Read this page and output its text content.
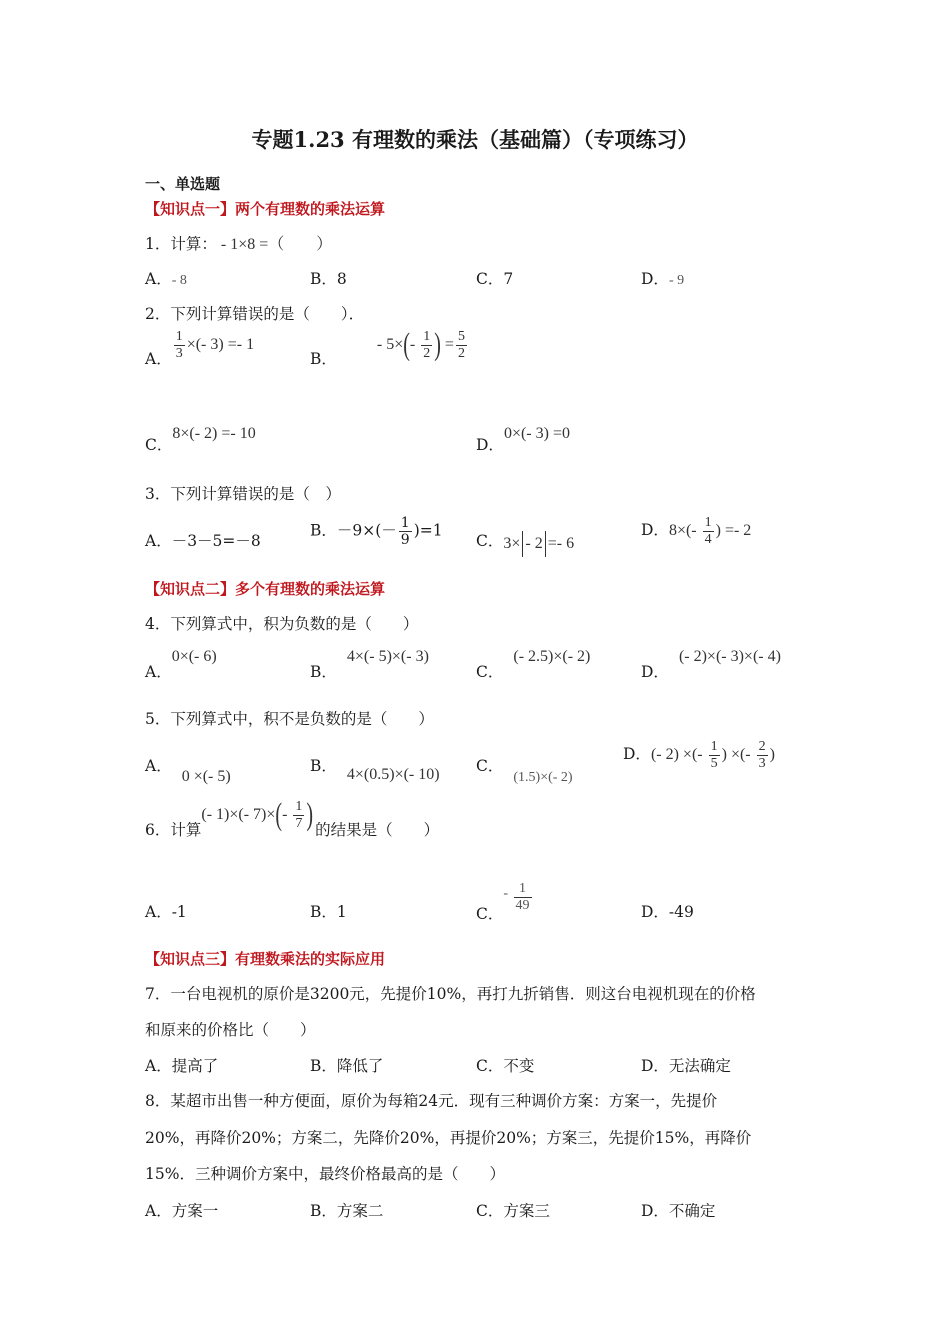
专题1.23 有理数的乘法（基础篇）（专项练习）
一、单选题
【知识点一】两个有理数的乘法运算
1．计算： - 1×8 =（　　）
A．- 8	B．8	C．7	D．- 9
2．下列计算错误的是（　　）．
A． $\frac{1}{3}$ ×(- 3) =- 1
B．- $5\times(- \frac{1}{2}$ ) = $\frac{5}{2}$
C．8×(- 2) =- 10
D．0×(- 3) =0
3．下列计算错误的是（　）
A．－3－5=－8
B．$-9\times(- \frac{1}{9} )=1$
C．3× - 2 =- 6
D．$8\times(- \frac{1}{4}$ ) =- 2
【知识点二】多个有理数的乘法运算
4．下列算式中，积为负数的是（　　）
A．0×(- 6)
B．4×(- 5)×(- 3)
C．(- 2.5)×(- 2)
D．(- 2)×(- 3)×(- 4)
5．下列算式中，积不是负数的是（　　）
A．0 ×(- 5)
B． 4×(0.5)×(- 10) C．(1.5)×(- 2)
D．(- 2) ×(- $\frac{1}{5}$ ) ×(- $\frac{2}{3}$ )
6．计算(- 1)×(- $7)\times(- \frac{1}{7}$ ) 的结果是（　　）
A．-1	B．1	C．- $\frac{1}{49}$	D．-49
【知识点三】有理数乘法的实际应用
7．一台电视机的原价是3200元，先提价10%，再打九折销售．则这台电视机现在的价格
和原来的价格比（　　）
A．提高了	B．降低了	C．不变	D．无法确定
8．某超市出售一种方便面，原价为每箱24元．现有三种调价方案：方案一，先提价
20%，再降价20%；方案二，先降价20%，再提价20%；方案三，先提价15%，再降价
15%．三种调价方案中，最终价格最高的是（　　）
A．方案一	B．方案二	C．方案三	D．不确定
